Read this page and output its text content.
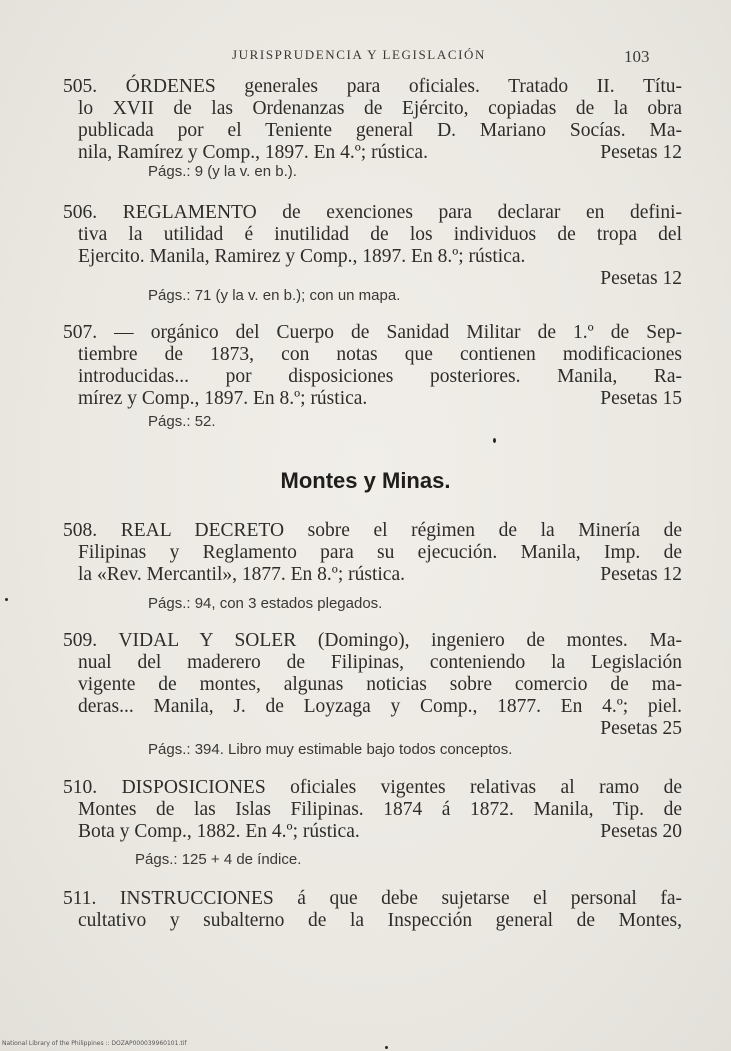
JURISPRUDENCIA Y LEGISLACIÓN	103
505. ÓRDENES generales para oficiales. Tratado II. Títu-
lo XVII de las Ordenanzas de Ejército, copiadas de la obra
publicada por el Teniente general D. Mariano Socías. Ma-
nila, Ramírez y Comp., 1897. En 4.º; rústica.	Pesetas 12
Págs.: 9 (y la v. en b.).
506. REGLAMENTO de exenciones para declarar en defini-
tiva la utilidad é inutilidad de los individuos de tropa del
Ejercito. Manila, Ramirez y Comp., 1897. En 8.º; rústica.
Pesetas 12
Págs.: 71 (y la v. en b.); con un mapa.
507. — orgánico del Cuerpo de Sanidad Militar de 1.º de Sep-
tiembre de 1873, con notas que contienen modificaciones
introducidas... por disposiciones posteriores. Manila, Ra-
mírez y Comp., 1897. En 8.º; rústica.	Pesetas 15
Págs.: 52.
Montes y Minas.
508. REAL DECRETO sobre el régimen de la Minería de
Filipinas y Reglamento para su ejecución. Manila, Imp. de
la «Rev. Mercantil», 1877. En 8.º; rústica.	Pesetas 12
Págs.: 94, con 3 estados plegados.
509. VIDAL Y SOLER (Domingo), ingeniero de montes. Ma-
nual del maderero de Filipinas, conteniendo la Legislación
vigente de montes, algunas noticias sobre comercio de ma-
deras... Manila, J. de Loyzaga y Comp., 1877. En 4.º; piel.
Pesetas 25
Págs.: 394. Libro muy estimable bajo todos conceptos.
510. DISPOSICIONES oficiales vigentes relativas al ramo de
Montes de las Islas Filipinas. 1874 á 1872. Manila, Tip. de
Bota y Comp., 1882. En 4.º; rústica.	Pesetas 20
Págs.: 125 + 4 de índice.
511. INSTRUCCIONES á que debe sujetarse el personal fa-
cultativo y subalterno de la Inspección general de Montes,
National Library of the Philippines :: DOZAP000039960101.tif
